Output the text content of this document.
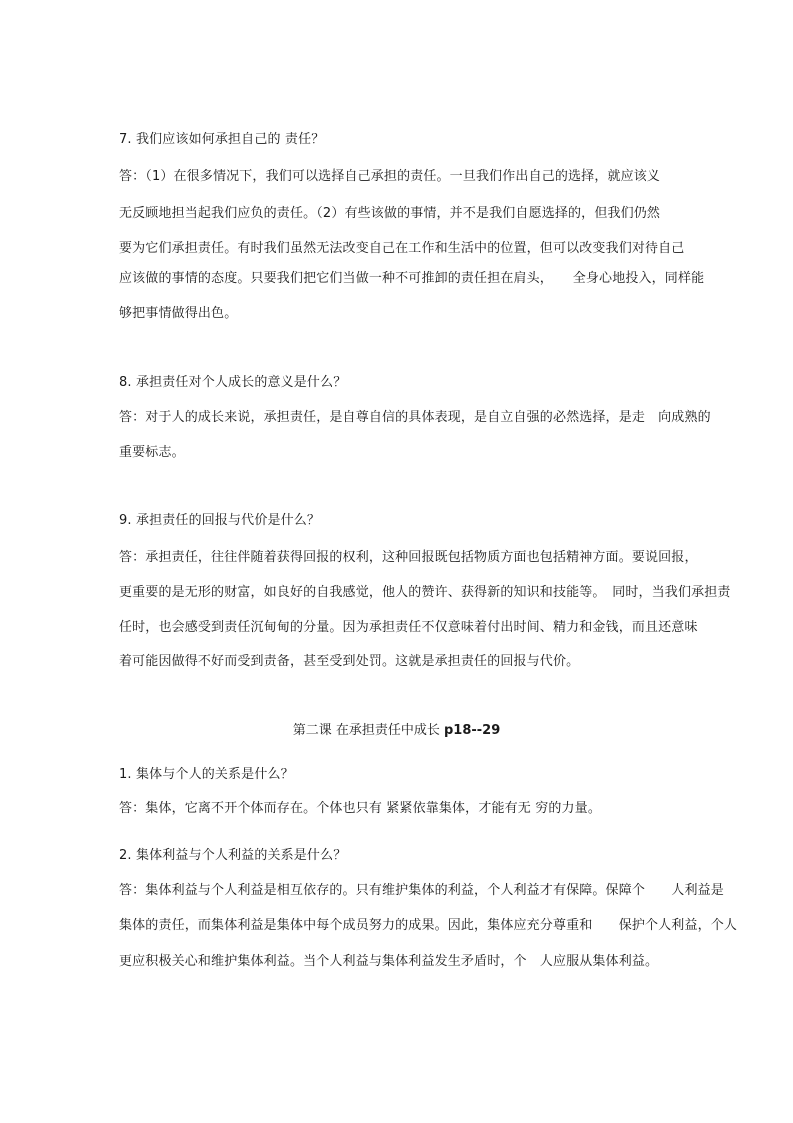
7. 我们应该如何承担自己的 责任？
答：（1）在很多情况下，我们可以选择自己承担的责任。一旦我们作出自己的选择，就应该义
无反顾地担当起我们应负的责任。（2）有些该做的事情，并不是我们自愿选择的，但我们仍然
要为它们承担责任。有时我们虽然无法改变自己在工作和生活中的位置，但可以改变我们对待自己
应该做的事情的态度。只要我们把它们当做一种不可推卸的责任担在肩头，　　全身心地投入，同样能
够把事情做得出色。
8. 承担责任对个人成长的意义是什么？
答：对于人的成长来说，承担责任，是自尊自信的具体表现，是自立自强的必然选择，是走　向成熟的
重要标志。
9. 承担责任的回报与代价是什么？
答：承担责任，往往伴随着获得回报的权利，这种回报既包括物质方面也包括精神方面。要说回报，
更重要的是无形的财富，如良好的自我感觉，他人的赞许、获得新的知识和技能等。　同时，当我们承担责
任时，也会感受到责任沉甸甸的分量。因为承担责任不仅意味着付出时间、精力和金钱，而且还意味
着可能因做得不好而受到责备，甚至受到处罚。这就是承担责任的回报与代价。
第二课 在承担责任中成长 p18--29
1. 集体与个人的关系是什么？
答：集体，它离不开个体而存在。个体也只有 紧紧依靠集体，才能有无 穷的力量。
2. 集体利益与个人利益的关系是什么？
答：集体利益与个人利益是相互依存的。只有维护集体的利益，个人利益才有保障。保障个　　人利益是
集体的责任，而集体利益是集体中每个成员努力的成果。因此，集体应充分尊重和　　保护个人利益，个人
更应积极关心和维护集体利益。当个人利益与集体利益发生矛盾时，个　人应服从集体利益。
